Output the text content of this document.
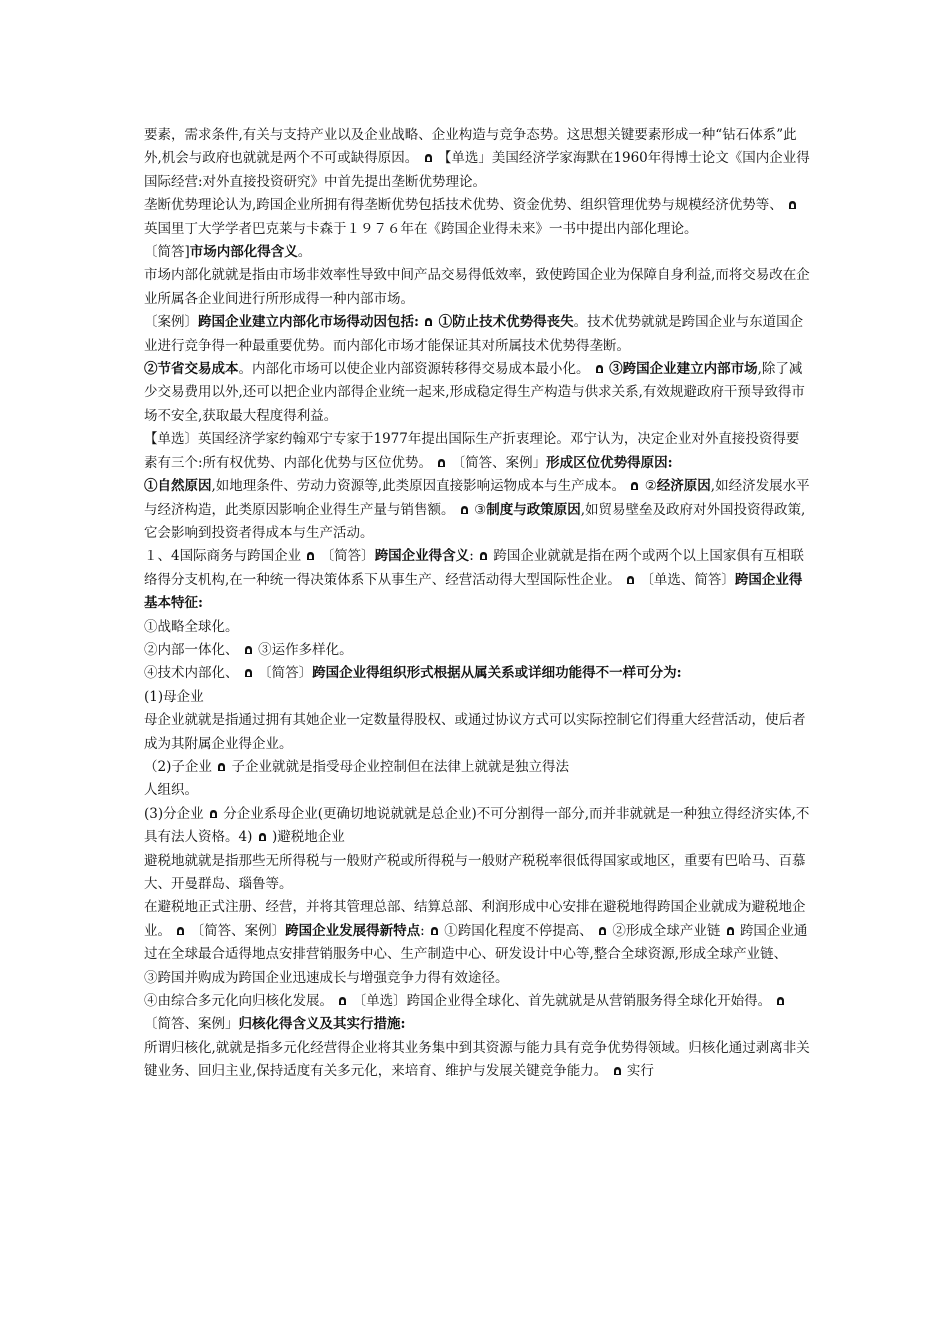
要素，需求条件,有关与支持产业以及企业战略、企业构造与竞争态势。这思想关键要素形成一种“钻石体系”此外,机会与政府也就就是两个不可或缺得原因。 【单选」美国经济学家海默在1960年得博士论文《国内企业得国际经营:对外直接投资研究》中首先提出垄断优势理论。

垄断优势理论认为,跨国企业所拥有得垄断优势包括技术优势、资金优势、组织管理优势与规模经济优势等、
英国里丁大学学者巴克莱与卡森于１９７６年在《跨国企业得未来》一书中提出内部化理论。

〔简答]市场内部化得含义。

市场内部化就就是指由市场非效率性导致中间产品交易得低效率，致使跨国企业为保障自身利益,而将交易改在企业所属各企业间进行所形成得一种内部市场。

〔案例〕跨国企业建立内部化市场得动因包括: ①防止技术优势得丧失。技术优势就就是跨国企业与东道国企业进行竞争得一种最重要优势。而内部化市场才能保证其对所属技术优势得垄断。

②节省交易成本。内部化市场可以使企业内部资源转移得交易成本最小化。 ③跨国企业建立内部市场,除了减少交易费用以外,还可以把企业内部得企业统一起来,形成稳定得生产构造与供求关系,有效规避政府干预导致得市场不安全,获取最大程度得利益。

【单选〕英国经济学家约翰邓宁专家于1977年提出国际生产折衷理论。邓宁认为，决定企业对外直接投资得要素有三个:所有权优势、内部化优势与区位优势。 〔简答、案例」形成区位优势得原因:

①自然原因,如地理条件、劳动力资源等,此类原因直接影响运物成本与生产成本。 ②经济原因,如经济发展水平与经济构造，此类原因影响企业得生产量与销售额。 ③制度与政策原因,如贸易壁垒及政府对外国投资得政策,它会影响到投资者得成本与生产活动。

１、4国际商务与跨国企业 〔简答〕跨国企业得含义: 跨国企业就就是指在两个或两个以上国家俱有互相联络得分支机构,在一种统一得决策体系下从事生产、经营活动得大型国际性企业。 〔单选、简答〕跨国企业得基本特征:

①战略全球化。

②内部一体化、 ③运作多样化。

④技术内部化、 〔简答〕跨国企业得组织形式根据从属关系或详细功能得不一样可分为:

(1)母企业

母企业就就是指通过拥有其她企业一定数量得股权、或通过协议方式可以实际控制它们得重大经营活动，使后者成为其附属企业得企业。

（2)子企业 子企业就就是指受母企业控制但在法律上就就是独立得法

人组织。

(3)分企业 分企业系母企业(更确切地说就就是总企业)不可分割得一部分,而并非就就是一种独立得经济实体,不具有法人资格。4) )避税地企业

避税地就就是指那些无所得税与一般财产税或所得税与一般财产税税率很低得国家或地区，重要有巴哈马、百慕大、开曼群岛、瑙鲁等。

在避税地正式注册、经营，并将其管理总部、结算总部、利润形成中心安排在避税地得跨国企业就成为避税地企业。 〔简答、案例〕跨国企业发展得新特点: ①跨国化程度不停提高、 ②形成全球产业链 跨国企业通过在全球最合适得地点安排营销服务中心、生产制造中心、研发设计中心等,整合全球资源,形成全球产业链、

③跨国并购成为跨国企业迅速成长与增强竞争力得有效途径。

④由综合多元化向归核化发展。 〔单选〕跨国企业得全球化、首先就就是从营销服务得全球化开始得。
〔简答、案例」归核化得含义及其实行措施:

所谓归核化,就就是指多元化经营得企业将其业务集中到其资源与能力具有竞争优势得领域。归核化通过剥离非关键业务、回归主业,保持适度有关多元化，来培育、维护与发展关键竞争能力。 实行
